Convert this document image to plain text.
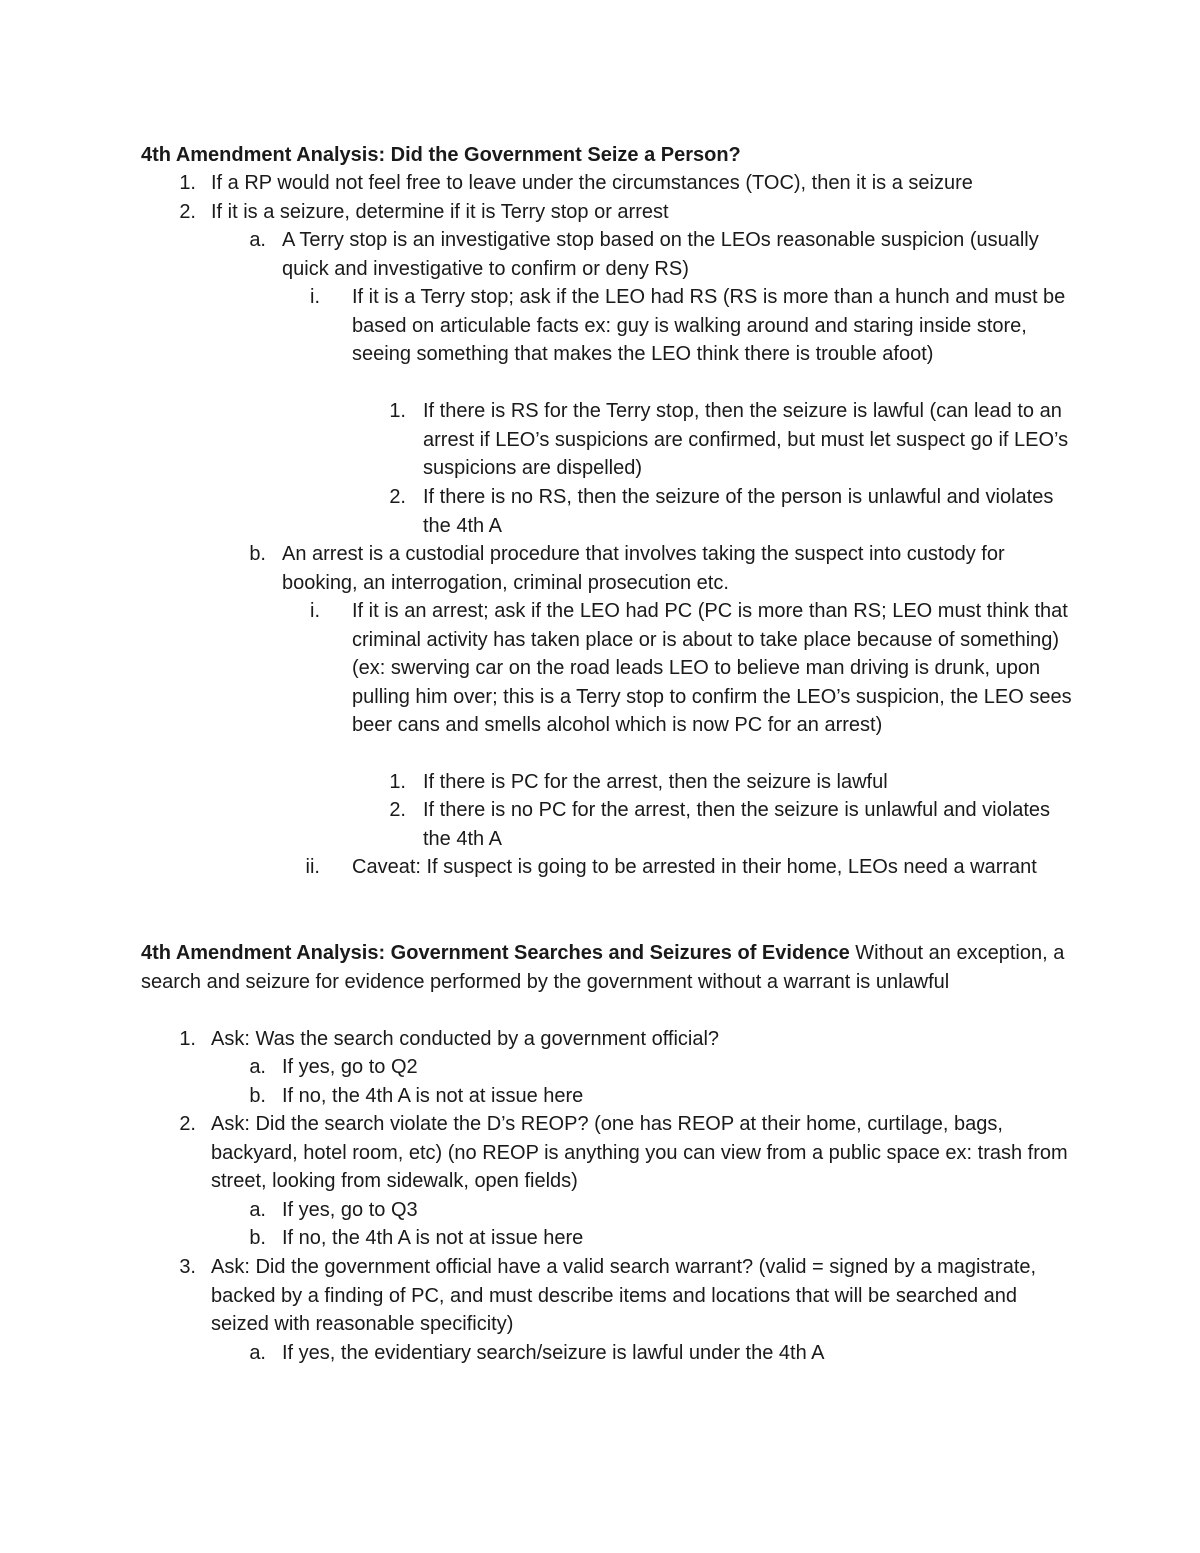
4th Amendment Analysis: Did the Government Seize a Person?
1. If a RP would not feel free to leave under the circumstances (TOC), then it is a seizure
2. If it is a seizure, determine if it is Terry stop or arrest
a. A Terry stop is an investigative stop based on the LEOs reasonable suspicion (usually quick and investigative to confirm or deny RS)
i. If it is a Terry stop; ask if the LEO had RS (RS is more than a hunch and must be based on articulable facts ex: guy is walking around and staring inside store, seeing something that makes the LEO think there is trouble afoot)
1. If there is RS for the Terry stop, then the seizure is lawful (can lead to an arrest if LEO’s suspicions are confirmed, but must let suspect go if LEO’s suspicions are dispelled)
2. If there is no RS, then the seizure of the person is unlawful and violates the 4th A
b. An arrest is a custodial procedure that involves taking the suspect into custody for booking, an interrogation, criminal prosecution etc.
i. If it is an arrest; ask if the LEO had PC (PC is more than RS; LEO must think that criminal activity has taken place or is about to take place because of something) (ex: swerving car on the road leads LEO to believe man driving is drunk, upon pulling him over; this is a Terry stop to confirm the LEO’s suspicion, the LEO sees beer cans and smells alcohol which is now PC for an arrest)
1. If there is PC for the arrest, then the seizure is lawful
2. If there is no PC for the arrest, then the seizure is unlawful and violates the 4th A
ii. Caveat: If suspect is going to be arrested in their home, LEOs need a warrant
4th Amendment Analysis: Government Searches and Seizures of Evidence Without an exception, a search and seizure for evidence performed by the government without a warrant is unlawful
1. Ask: Was the search conducted by a government official?
a. If yes, go to Q2
b. If no, the 4th A is not at issue here
2. Ask: Did the search violate the D’s REOP? (one has REOP at their home, curtilage, bags, backyard, hotel room, etc) (no REOP is anything you can view from a public space ex: trash from street, looking from sidewalk, open fields)
a. If yes, go to Q3
b. If no, the 4th A is not at issue here
3. Ask: Did the government official have a valid search warrant? (valid = signed by a magistrate, backed by a finding of PC, and must describe items and locations that will be searched and seized with reasonable specificity)
a. If yes, the evidentiary search/seizure is lawful under the 4th A
